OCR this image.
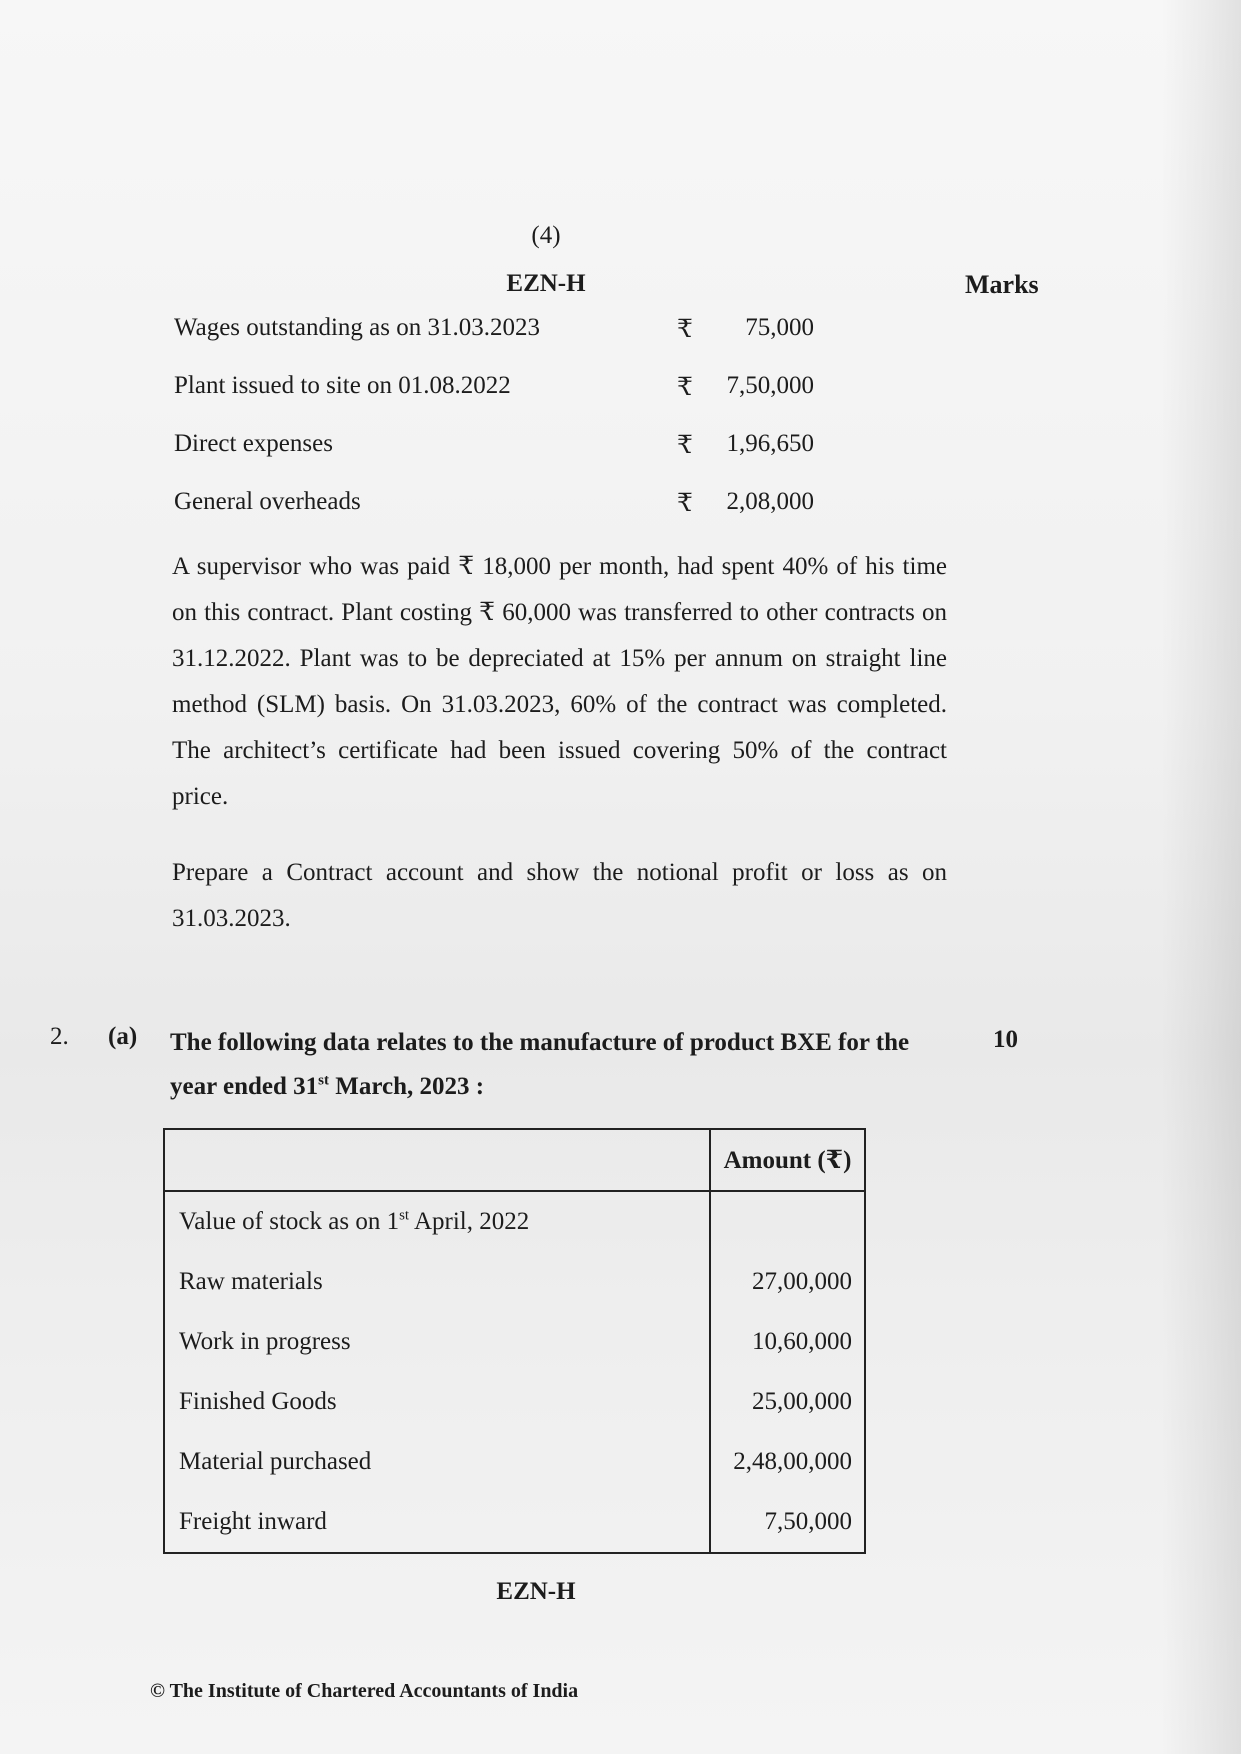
(4)
EZN-H	Marks
Wages outstanding as on 31.03.2023	₹ 75,000
Plant issued to site on 01.08.2022	₹ 7,50,000
Direct expenses	₹ 1,96,650
General overheads	₹ 2,08,000

A supervisor who was paid ₹ 18,000 per month, had spent 40% of his time on this contract. Plant costing ₹ 60,000 was transferred to other contracts on 31.12.2022. Plant was to be depreciated at 15% per annum on straight line method (SLM) basis. On 31.03.2023, 60% of the contract was completed. The architect’s certificate had been issued covering 50% of the contract price.

Prepare a Contract account and show the notional profit or loss as on 31.03.2023.

2. (a) The following data relates to the manufacture of product BXE for the year ended 31st March, 2023 :
10
	Amount (₹)
Value of stock as on 1st April, 2022	
Raw materials	27,00,000
Work in progress	10,60,000
Finished Goods	25,00,000
Material purchased	2,48,00,000
Freight inward	7,50,000
EZN-H
© The Institute of Chartered Accountants of India
